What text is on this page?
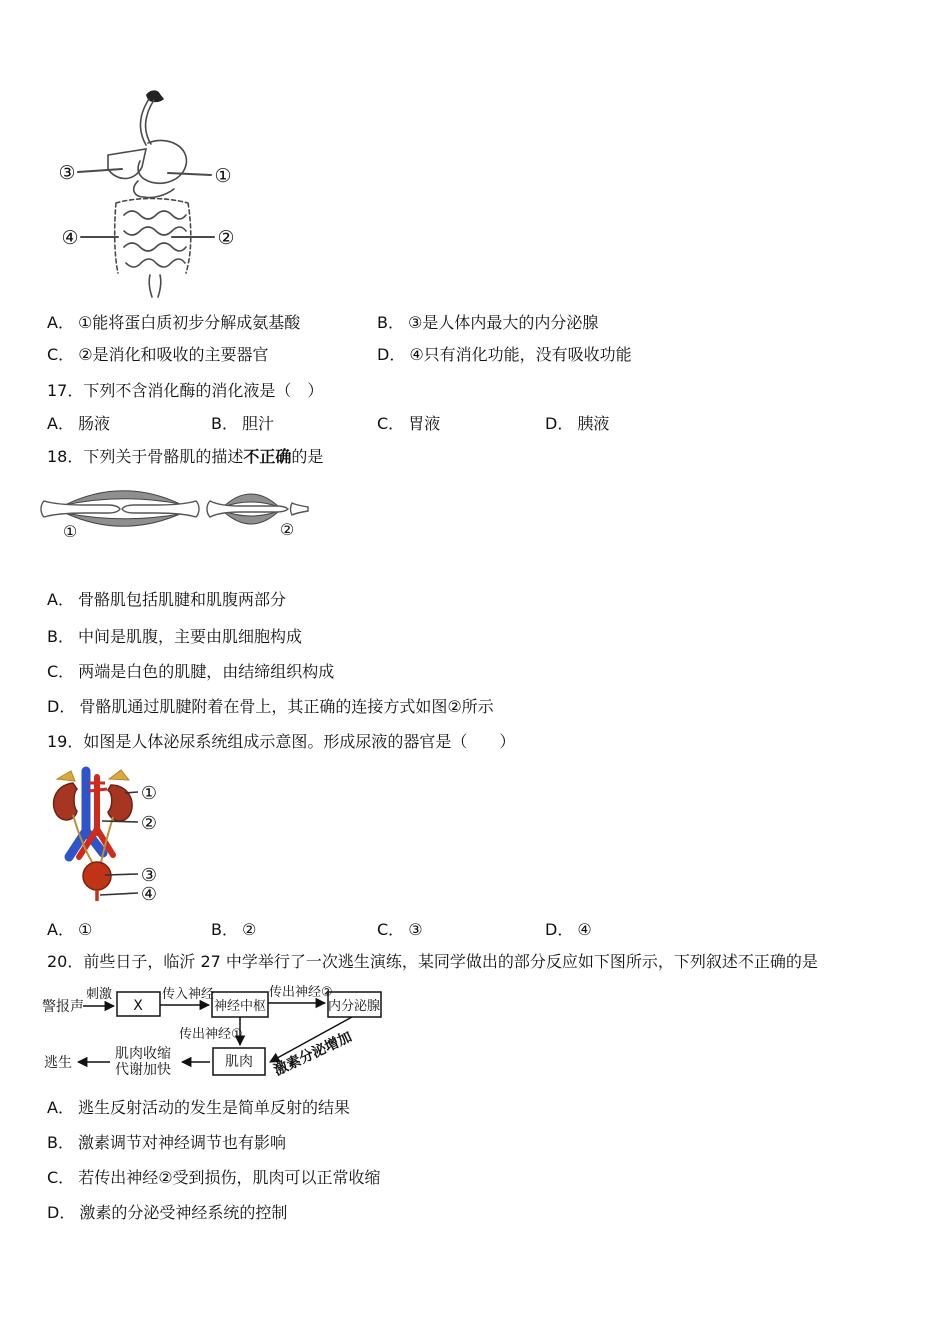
③	①
④	②
A． ①能将蛋白质初步分解成氨基酸	B． ③是人体内最大的内分泌腺
C． ②是消化和吸收的主要器官	D． ④只有消化功能，没有吸收功能
17．下列不含消化酶的消化液是（　）
A． 肠液	B． 胆汁	C． 胃液	D． 胰液
18．下列关于骨骼肌的描述不正确的是
①	②
A． 骨骼肌包括肌腱和肌腹两部分
B． 中间是肌腹，主要由肌细胞构成
C． 两端是白色的肌腱，由结缔组织构成
D． 骨骼肌通过肌腱附着在骨上，其正确的连接方式如图②所示
19．如图是人体泌尿系统组成示意图。形成尿液的器官是（　　）
①
②
③
④
A． ①	B． ②	C． ③	D． ④
20．前些日子，临沂 27 中学举行了一次逃生演练，某同学做出的部分反应如下图所示，下列叙述不正确的是
警报声
刺激
X
传入神经
神经中枢
传出神经②
内分泌腺
传出神经①
肌肉 激素分泌增加
肌肉收缩
代谢加快
逃生
A． 逃生反射活动的发生是简单反射的结果
B． 激素调节对神经调节也有影响
C． 若传出神经②受到损伤，肌肉可以正常收缩
D． 激素的分泌受神经系统的控制
